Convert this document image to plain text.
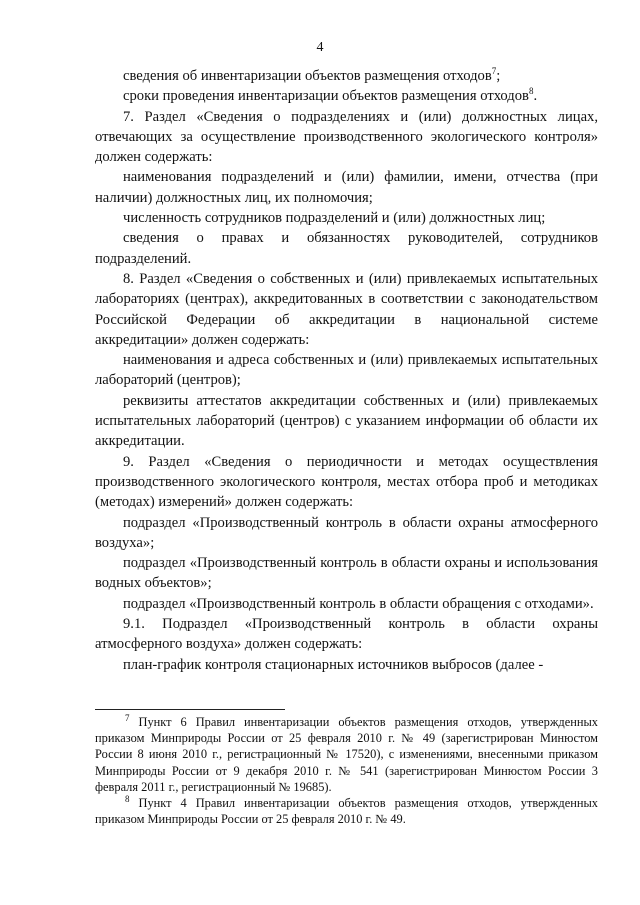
4

сведения об инвентаризации объектов размещения отходов$^7$;

сроки проведения инвентаризации объектов размещения отходов$^8$.

7. Раздел «Сведения о подразделениях и (или) должностных лицах, отвечающих за осуществление производственного экологического контроля» должен содержать:

наименования подразделений и (или) фамилии, имени, отчества (при наличии) должностных лиц, их полномочия;

численность сотрудников подразделений и (или) должностных лиц;

сведения о правах и обязанностях руководителей, сотрудников подразделений.

8. Раздел «Сведения о собственных и (или) привлекаемых испытательных лабораториях (центрах), аккредитованных в соответствии с законодательством Российской Федерации об аккредитации в национальной системе аккредитации» должен содержать:

наименования и адреса собственных и (или) привлекаемых испытательных лабораторий (центров);

реквизиты аттестатов аккредитации собственных и (или) привлекаемых испытательных лабораторий (центров) с указанием информации об области их аккредитации.

9. Раздел «Сведения о периодичности и методах осуществления производственного экологического контроля, местах отбора проб и методиках (методах) измерений» должен содержать:

подраздел «Производственный контроль в области охраны атмосферного воздуха»;

подраздел «Производственный контроль в области охраны и использования водных объектов»;

подраздел «Производственный контроль в области обращения с отходами».

9.1. Подраздел «Производственный контроль в области охраны атмосферного воздуха» должен содержать:

план-график контроля стационарных источников выбросов (далее -

$^7$ Пункт 6 Правил инвентаризации объектов размещения отходов, утвержденных приказом Минприроды России от 25 февраля 2010 г. № 49 (зарегистрирован Минюстом России 8 июня 2010 г., регистрационный № 17520), с изменениями, внесенными приказом Минприроды России от 9 декабря 2010 г. № 541 (зарегистрирован Минюстом России 3 февраля 2011 г., регистрационный № 19685).

$^8$ Пункт 4 Правил инвентаризации объектов размещения отходов, утвержденных приказом Минприроды России от 25 февраля 2010 г. № 49.
